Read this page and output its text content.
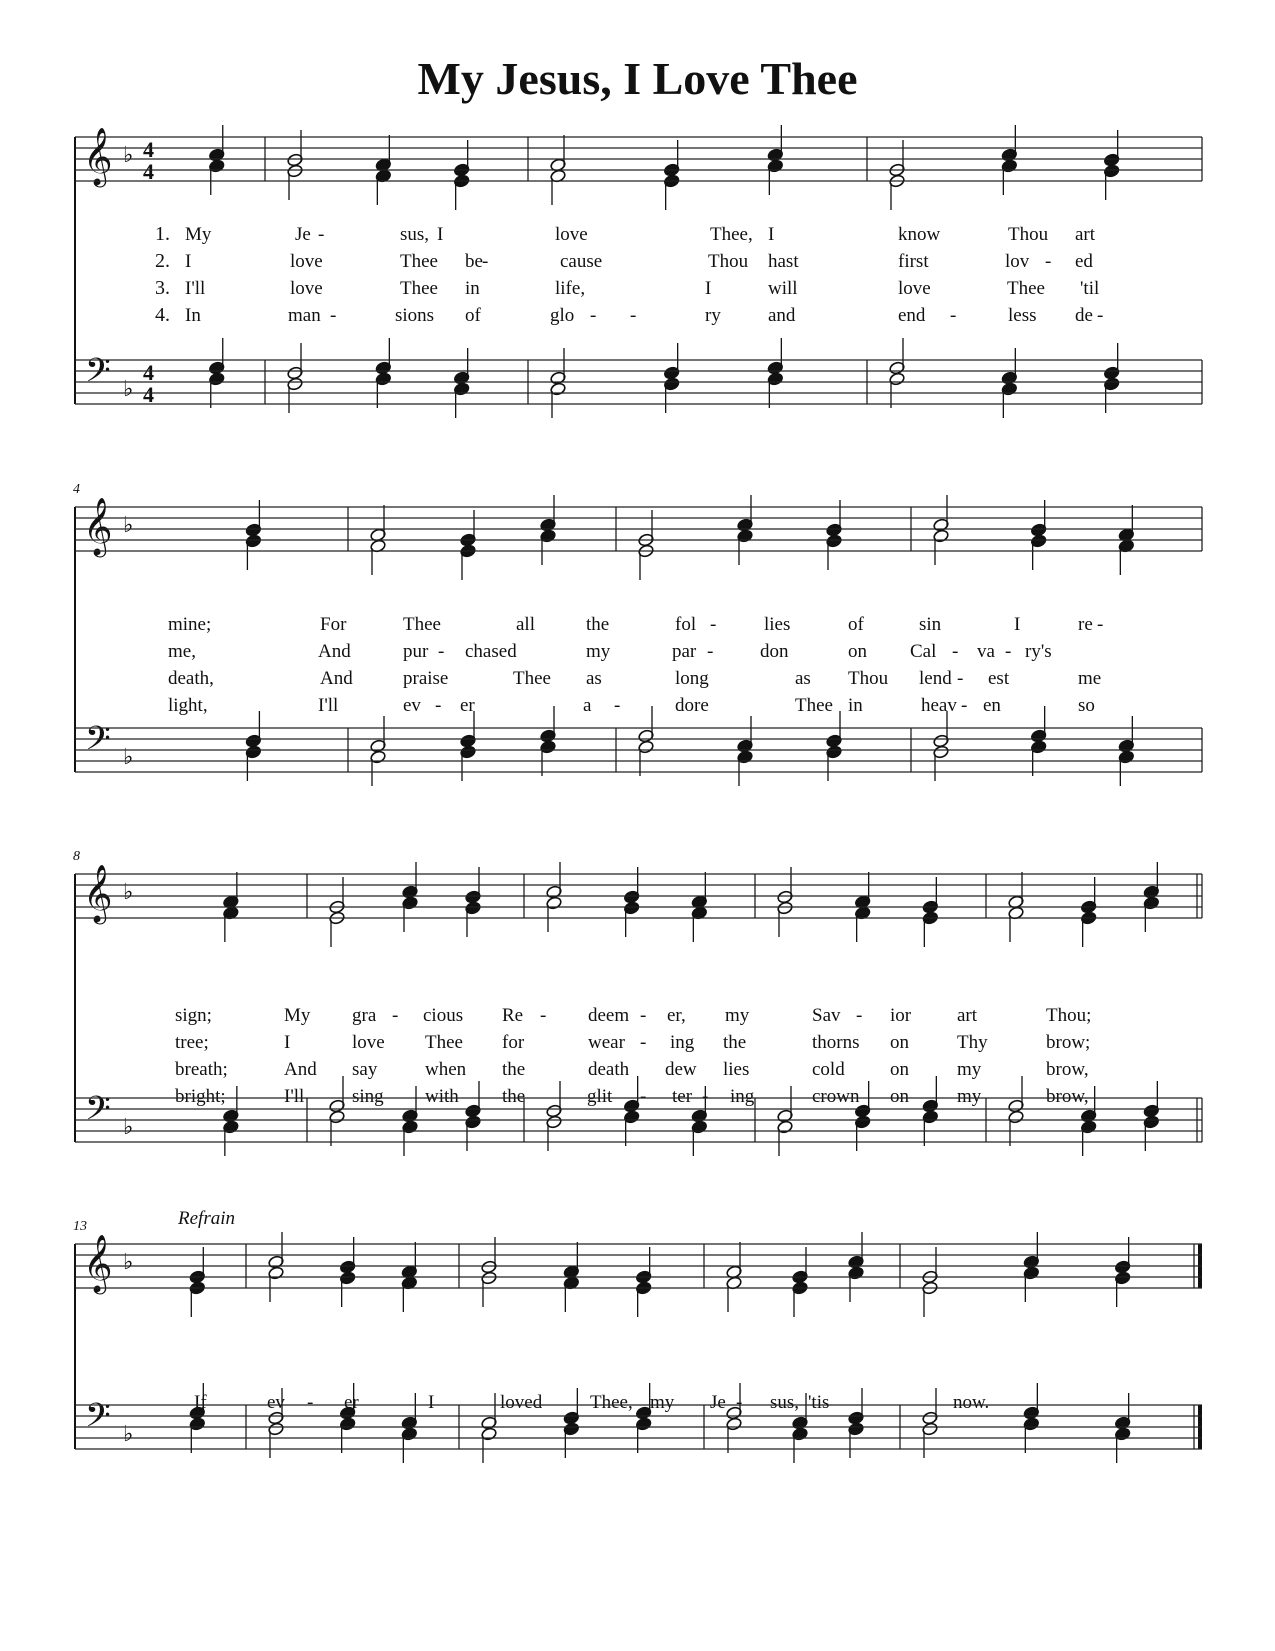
My Jesus, I Love Thee
𝄞
𝄢
♭
♭
4
4
4
4
1. My	Je -	sus, I	love	Thee, I	know	Thou art
2. I	love	Thee be -	cause	Thou hast	first	lov - ed
3. I'll	love	Thee in	life,	I	will	love	Thee 'til
4. In	man -	sions of	glo - -	ry and	end -	less de -
𝄞
𝄢
♭
♭
4
mine;	For	Thee	all	the	fol -	lies	of	sin	I	re -
me,	And	pur - chased	my	par - don	on Cal - va - ry's
death,	And	praise	Thee as	long	as Thou lend - est	me
light,	I'll	ev - er	a -	dore	Thee in	heav - en	so
𝄞
𝄢
♭
♭
8
sign;	My gra - cious Re - deem - er, my	Sav - ior art	Thou;
tree;	I	love Thee for	wear - ing the	thorns on	Thy	brow;
breath;	And say	when the	death dew lies	cold on	my	brow,
bright;	I'll	sing with the	glit - ter - ing	crown on	my	brow,
𝄞
𝄢
♭
♭
13	Refrain
If	ev - er	I	loved	Thee, my Je - sus, 'tis	now.
